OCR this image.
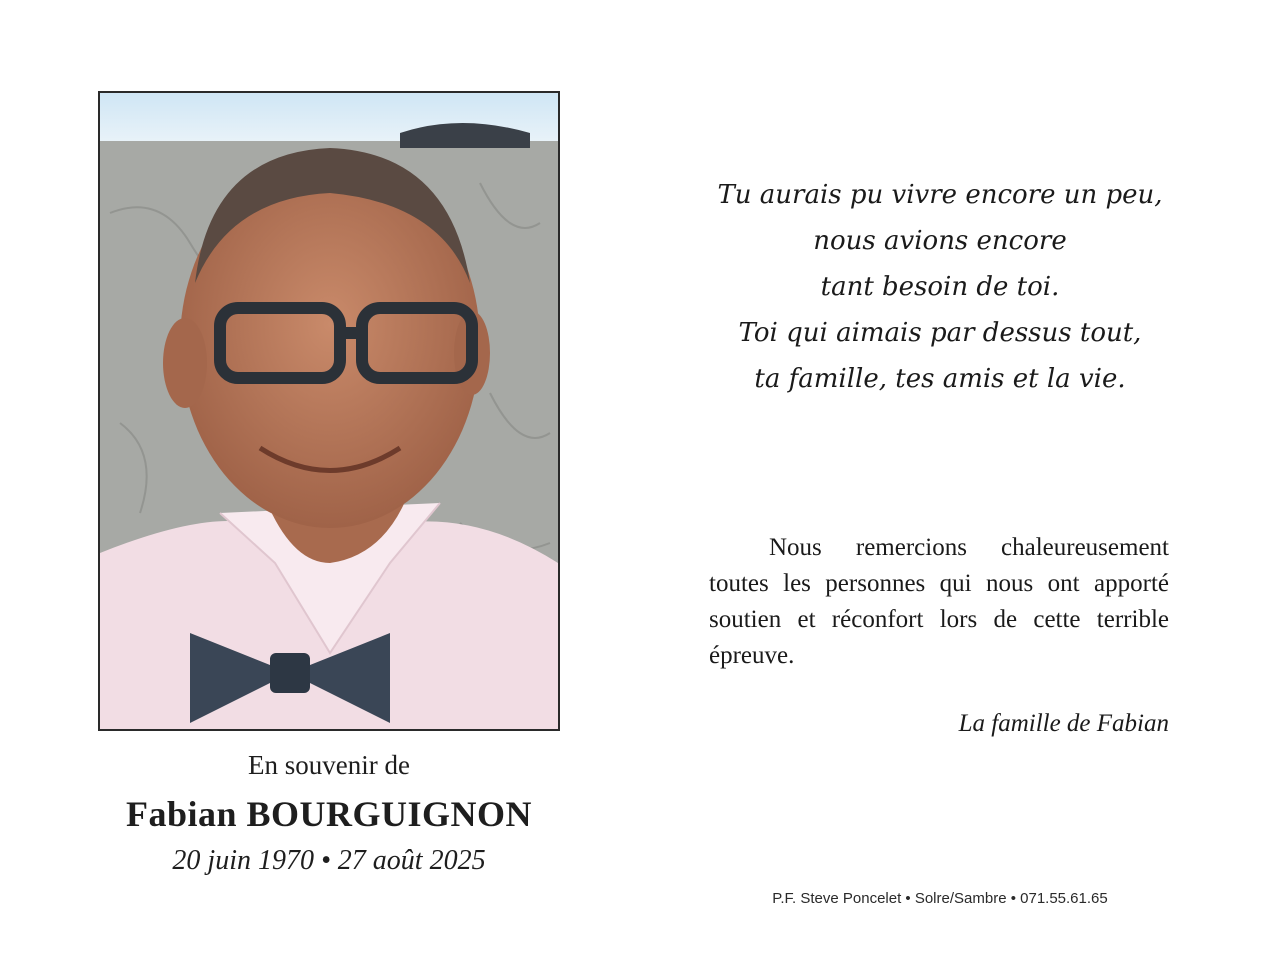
En souvenir de
Fabian BOURGUIGNON
20 juin 1970 • 27 août 2025
Tu aurais pu vivre encore un peu,
nous avions encore
tant besoin de toi.
Toi qui aimais par dessus tout,
ta famille, tes amis et la vie.
Nous remercions chaleureusement toutes les personnes qui nous ont apporté soutien et réconfort lors de cette terrible épreuve.
La famille de Fabian
P.F. Steve Poncelet • Solre/Sambre • 071.55.61.65
